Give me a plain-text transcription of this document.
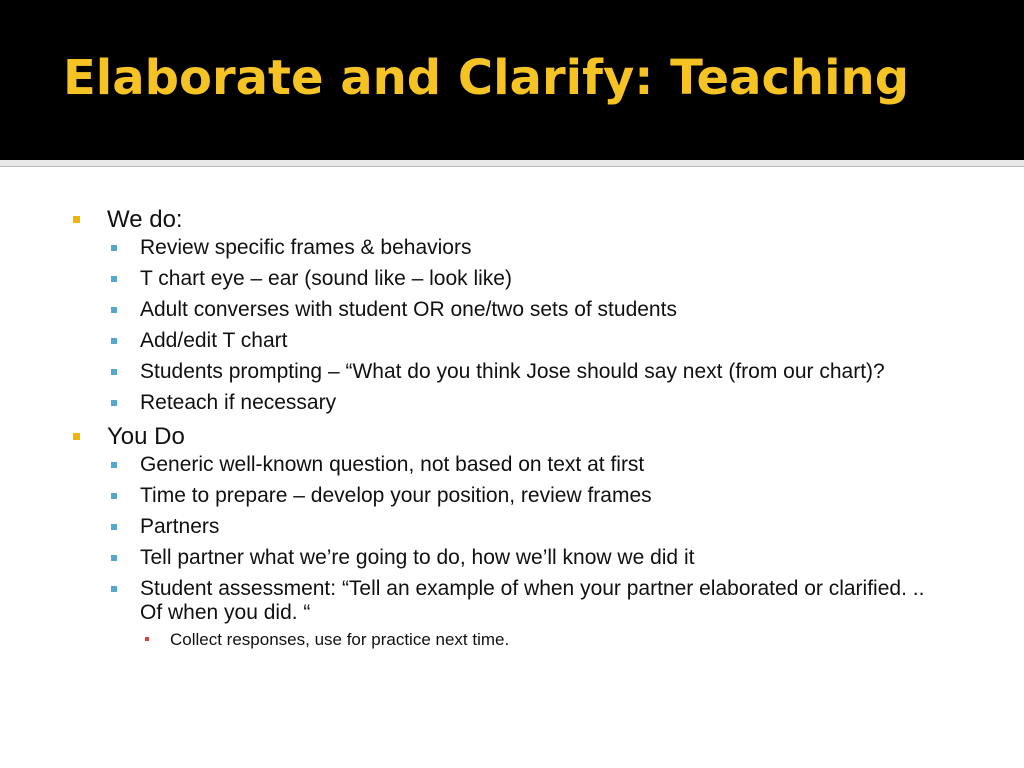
Elaborate and Clarify: Teaching
We do:
Review specific frames & behaviors
T chart eye – ear (sound like – look like)
Adult converses with student OR one/two sets of students
Add/edit T chart
Students prompting – “What do you think Jose should say next (from our chart)?
Reteach if necessary
You Do
Generic well-known question, not based on text at first
Time to prepare – develop your position, review frames
Partners
Tell partner what we’re going to do, how we’ll know we did it
Student assessment: “Tell an example of when your partner elaborated or clarified. .. Of when you did. “
Collect responses, use for practice next time.
